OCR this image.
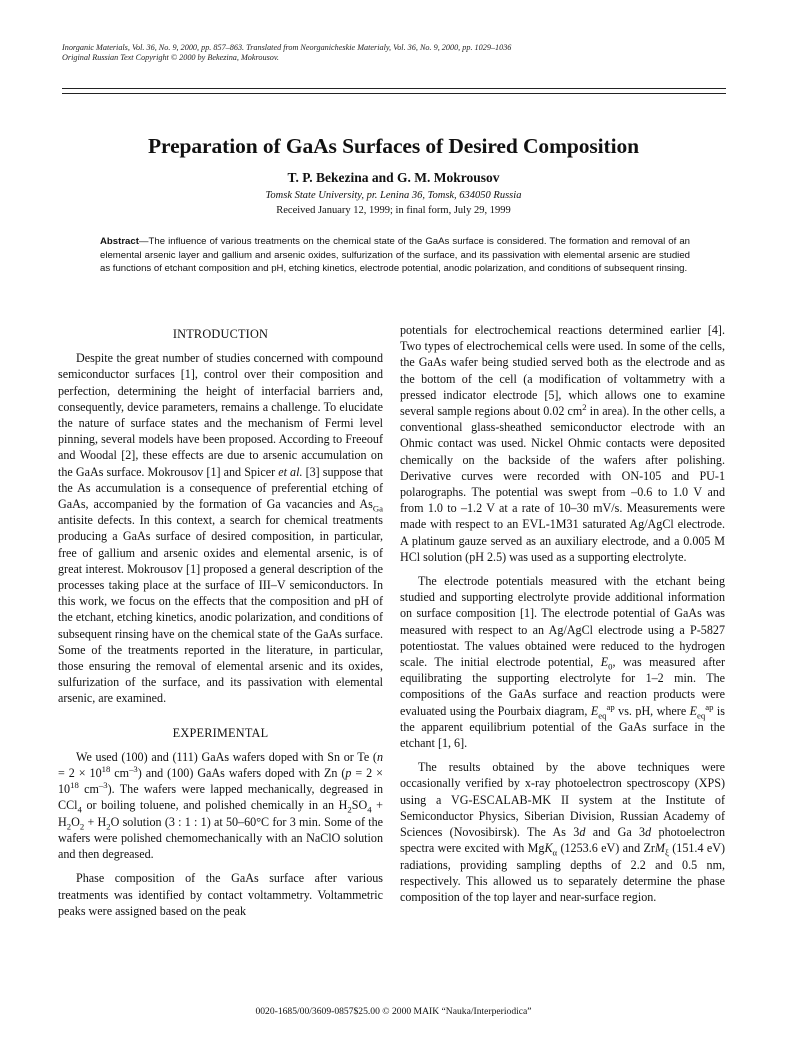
Inorganic Materials, Vol. 36, No. 9, 2000, pp. 857–863. Translated from Neorganicheskie Materialy, Vol. 36, No. 9, 2000, pp. 1029–1036
Original Russian Text Copyright © 2000 by Bekezina, Mokrousov.
Preparation of GaAs Surfaces of Desired Composition
T. P. Bekezina and G. M. Mokrousov
Tomsk State University, pr. Lenina 36, Tomsk, 634050 Russia
Received January 12, 1999; in final form, July 29, 1999
Abstract—The influence of various treatments on the chemical state of the GaAs surface is considered. The formation and removal of an elemental arsenic layer and gallium and arsenic oxides, sulfurization of the surface, and its passivation with elemental arsenic are studied as functions of etchant composition and pH, etching kinetics, electrode potential, anodic polarization, and conditions of subsequent rinsing.
INTRODUCTION

Despite the great number of studies concerned with compound semiconductor surfaces [1], control over their composition and perfection, determining the height of interfacial barriers and, consequently, device parameters, remains a challenge. To elucidate the nature of surface states and the mechanism of Fermi level pinning, several models have been proposed. According to Freeouf and Woodal [2], these effects are due to arsenic accumulation on the GaAs surface. Mokrousov [1] and Spicer et al. [3] suppose that the As accumulation is a consequence of preferential etching of GaAs, accompanied by the formation of Ga vacancies and $As_{Ga}$ antisite defects. In this context, a search for chemical treatments producing a GaAs surface of desired composition, in particular, free of gallium and arsenic oxides and elemental arsenic, is of great interest. Mokrousov [1] proposed a general description of the processes taking place at the surface of III–V semiconductors. In this work, we focus on the effects that the composition and pH of the etchant, etching kinetics, anodic polarization, and conditions of subsequent rinsing have on the chemical state of the GaAs surface. Some of the treatments reported in the literature, in particular, those ensuring the removal of elemental arsenic and its oxides, sulfurization of the surface, and its passivation with elemental arsenic, are examined.

EXPERIMENTAL

We used (100) and (111) GaAs wafers doped with Sn or Te ($n = 2 \times 10^{18}$ $cm^{-3}$) and (100) GaAs wafers doped with Zn ($p = 2 \times 10^{18}$ $cm^{-3}$). The wafers were lapped mechanically, degreased in CCl$_4$ or boiling toluene, and polished chemically in an $H_2SO_4 + H_2O_2 + H_2O$ solution (3 : 1 : 1) at 50–60°C for 3 min. Some of the wafers were polished chemomechanically with an NaClO solution and then degreased.

Phase composition of the GaAs surface after various treatments was identified by contact voltammetry. Voltammetric peaks were assigned based on the peak

potentials for electrochemical reactions determined earlier [4]. Two types of electrochemical cells were used. In some of the cells, the GaAs wafer being studied served both as the electrode and as the bottom of the cell (a modification of voltammetry with a pressed indicator electrode [5], which allows one to examine several sample regions about 0.02 $cm^2$ in area). In the other cells, a conventional glass-sheathed semiconductor electrode with an Ohmic contact was used. Nickel Ohmic contacts were deposited chemically on the backside of the wafers after polishing. Derivative curves were recorded with ON-105 and PU-1 polarographs. The potential was swept from –0.6 to 1.0 V and from 1.0 to –1.2 V at a rate of 10–30 mV/s. Measurements were made with respect to an EVL-1M31 saturated Ag/AgCl electrode. A platinum gauze served as an auxiliary electrode, and a 0.005 M HCl solution (pH 2.5) was used as a supporting electrolyte.

The electrode potentials measured with the etchant being studied and supporting electrolyte provide additional information on surface composition [1]. The electrode potential of GaAs was measured with respect to an Ag/AgCl electrode using a P-5827 potentiostat. The values obtained were reduced to the hydrogen scale. The initial electrode potential, $E_0$, was measured after equilibrating the supporting electrolyte for 1–2 min. The compositions of the GaAs surface and reaction products were evaluated using the Pourbaix diagram, $E_{eq}^{ap}$ vs. pH, where $E_{eq}^{ap}$ is the apparent equilibrium potential of the GaAs surface in the etchant [1, 6].

The results obtained by the above techniques were occasionally verified by x-ray photoelectron spectroscopy (XPS) using a VG-ESCALAB-MK II system at the Institute of Semiconductor Physics, Siberian Division, Russian Academy of Sciences (Novosibirsk). The As 3d and Ga 3d photoelectron spectra were excited with MgK$_\alpha$ (1253.6 eV) and ZrM$_\xi$ (151.4 eV) radiations, providing sampling depths of 2.2 and 0.5 nm, respectively. This allowed us to separately determine the phase composition of the top layer and near-surface region.

0020-1685/00/3609-0857$25.00 © 2000 MAIK “Nauka/Interperiodica”
